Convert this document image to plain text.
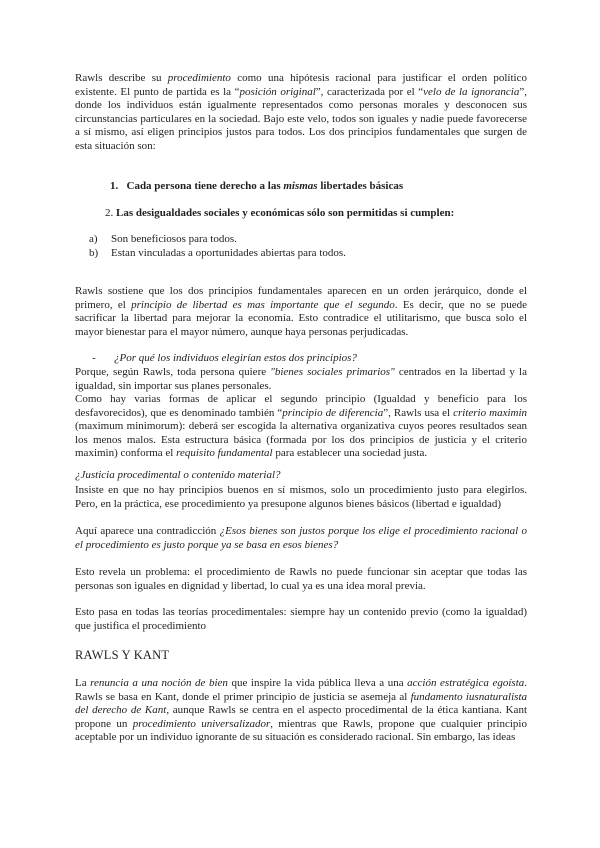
Rawls describe su procedimiento como una hipótesis racional para justificar el orden político existente. El punto de partida es la “posición original”, caracterizada por el “velo de la ignorancia”, donde los individuos están igualmente representados como personas morales y desconocen sus circunstancias particulares en la sociedad. Bajo este velo, todos son iguales y nadie puede favorecerse a sí mismo, así eligen principios justos para todos. Los dos principios fundamentales que surgen de esta situación son:

1. Cada persona tiene derecho a las mismas libertades básicas

2. Las desigualdades sociales y económicas sólo son permitidas si cumplen:

a) Son beneficiosos para todos.

b) Estan vinculadas a oportunidades abiertas para todos.

Rawls sostiene que los dos principios fundamentales aparecen en un orden jerárquico, donde el primero, el principio de libertad es mas importante que el segundo. Es decir, que no se puede sacrificar la libertad para mejorar la economía. Esto contradice el utilitarismo, que busca solo el mayor bienestar para el mayor número, aunque haya personas perjudicadas.

- ¿Por qué los individuos elegirían estos dos principios?

Porque, según Rawls, toda persona quiere "bienes sociales primarios" centrados en la libertad y la igualdad, sin importar sus planes personales.

Como hay varias formas de aplicar el segundo principio (Igualdad y beneficio para los desfavorecidos), que es denominado también “principio de diferencia”, Rawls usa el criterio maximin (maximum minimorum): deberá ser escogida la alternativa organizativa cuyos peores resultados sean los menos malos. Esta estructura básica (formada por los dos principios de justicia y el criterio maximin) conforma el requisito fundamental para establecer una sociedad justa.

¿Justicia procedimental o contenido material?

Insiste en que no hay principios buenos en sí mismos, solo un procedimiento justo para elegirlos. Pero, en la práctica, ese procedimiento ya presupone algunos bienes básicos (libertad e igualdad)

Aquí aparece una contradicción ¿Esos bienes son justos porque los elige el procedimiento racional o el procedimiento es justo porque ya se basa en esos bienes?

Esto revela un problema: el procedimiento de Rawls no puede funcionar sin aceptar que todas las personas son iguales en dignidad y libertad, lo cual ya es una idea moral previa.

Esto pasa en todas las teorías procedimentales: siempre hay un contenido previo (como la igualdad) que justifica el procedimiento

RAWLS Y KANT

La renuncia a una noción de bien que inspire la vida pública lleva a una acción estratégica egoísta. Rawls se basa en Kant, donde el primer principio de justicia se asemeja al fundamento iusnaturalista del derecho de Kant, aunque Rawls se centra en el aspecto procedimental de la ética kantiana. Kant propone un procedimiento universalizador, mientras que Rawls, propone que cualquier principio aceptable por un individuo ignorante de su situación es considerado racional. Sin embargo, las ideas
